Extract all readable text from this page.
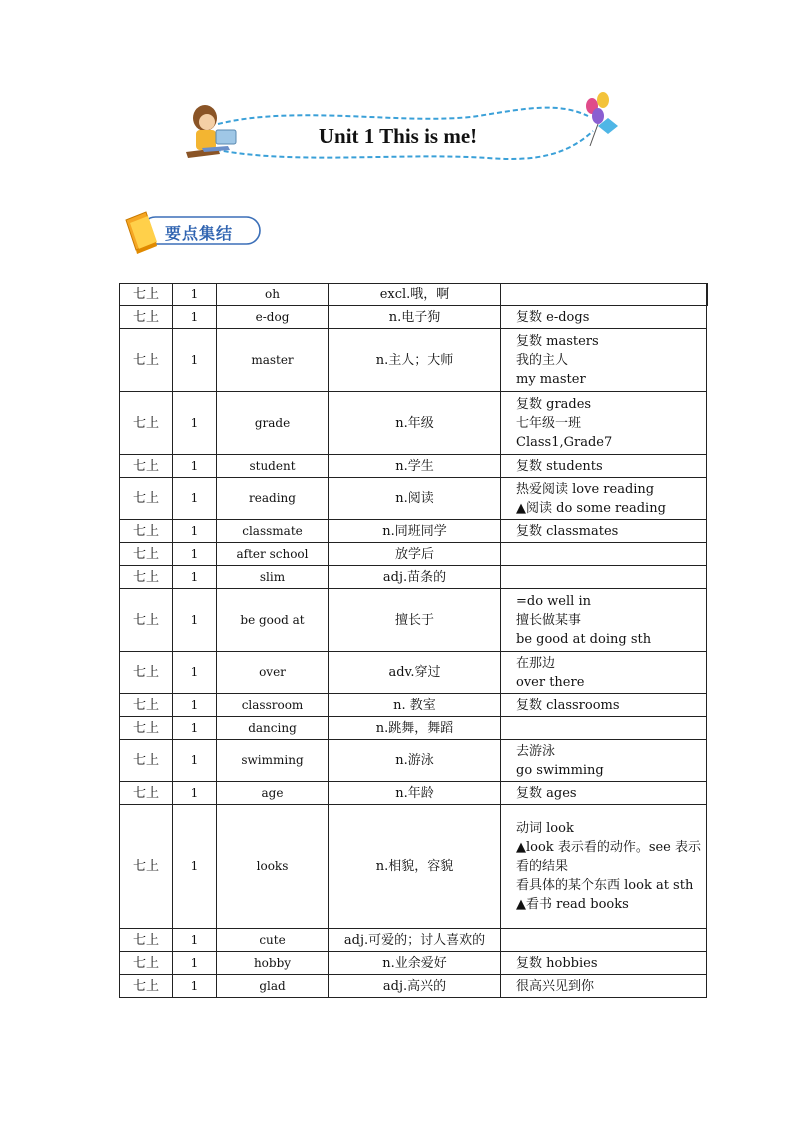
Unit 1 This is me!
要点集结
七上	1	oh	excl.哦，啊	
七上	1	e-dog	n.电子狗	复数 e-dogs

七上	1	master	n.主人；大师	复数 masters
我的主人
my master

七上	1	grade	n.年级	复数 grades
七年级一班
Class1,Grade7

七上	1	student	n.学生	复数 students

七上	1	reading	n.阅读	热爱阅读 love reading
▲阅读 do some reading

七上	1	classmate	n.同班同学	复数 classmates

七上	1	after school	放学后	
七上	1	slim	adj.苗条的	
七上	1	be good at	擅长于	=do well in
擅长做某事
be good at doing sth

七上	1	over	adv.穿过	在那边
over there

七上	1	classroom	n. 教室	复数 classrooms

七上	1	dancing	n.跳舞，舞蹈	
七上	1	swimming	n.游泳	去游泳
go swimming

七上	1	age	n.年龄	复数 ages

七上	1	looks	n.相貌，容貌	动词 look
▲look 表示看的动作。see 表示看的结果
看具体的某个东西 look at sth
▲看书 read books

七上	1	cute	adj.可爱的；讨人喜欢的	
七上	1	hobby	n.业余爱好	复数 hobbies

七上	1	glad	adj.高兴的	很高兴见到你
